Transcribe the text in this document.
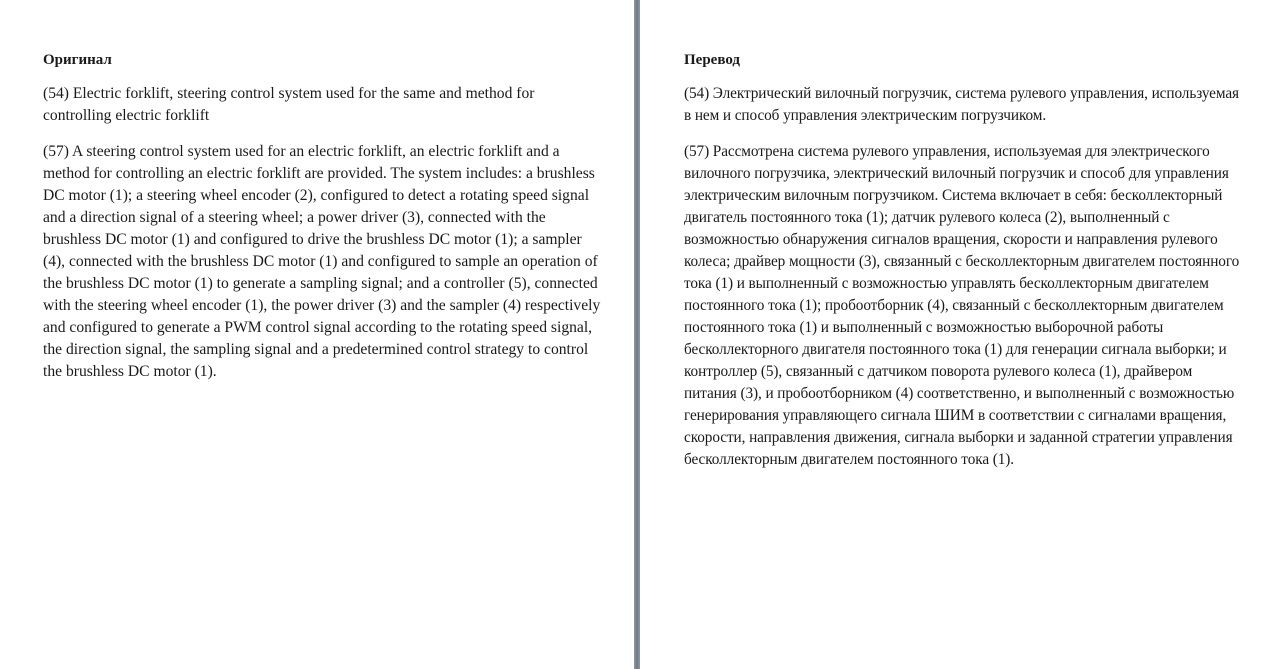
Оригинал

(54) Electric forklift, steering control system used for the same and method for controlling electric forklift

(57) A steering control system used for an electric forklift, an electric forklift and a method for controlling an electric forklift are provided. The system includes: a brushless DC motor (1); a steering wheel encoder (2), configured to detect a rotating speed signal and a direction signal of a steering wheel; a power driver (3), connected with the brushless DC motor (1) and configured to drive the brushless DC motor (1); a sampler (4), connected with the brushless DC motor (1) and configured to sample an operation of the brushless DC motor (1) to generate a sampling signal; and a controller (5), connected with the steering wheel encoder (1), the power driver (3) and the sampler (4) respectively and configured to generate a PWM control signal according to the rotating speed signal, the direction signal, the sampling signal and a predetermined control strategy to control the brushless DC motor (1).

Перевод

(54) Электрический вилочный погрузчик, система рулевого управления, используемая в нем и способ управления электрическим погрузчиком.

(57) Рассмотрена система рулевого управления, используемая для электрического вилочного погрузчика, электрический вилочный погрузчик и способ для управления электрическим вилочным погрузчиком. Система включает в себя: бесколлекторный двигатель постоянного тока (1); датчик рулевого колеса (2), выполненный с возможностью обнаружения сигналов вращения, скорости и направления рулевого колеса; драйвер мощности (3), связанный с бесколлекторным двигателем постоянного тока (1) и выполненный с возможностью управлять бесколлекторным двигателем постоянного тока (1); пробоотборник (4), связанный с бесколлекторным двигателем постоянного тока (1) и выполненный с возможностью выборочной работы бесколлекторного двигателя постоянного тока (1) для генерации сигнала выборки; и контроллер (5), связанный с датчиком поворота рулевого колеса (1), драйвером питания (3), и пробоотборником (4) соответственно, и выполненный с возможностью генерирования управляющего сигнала ШИМ в соответствии с сигналами вращения, скорости, направления движения, сигнала выборки и заданной стратегии управления бесколлекторным двигателем постоянного тока (1).
